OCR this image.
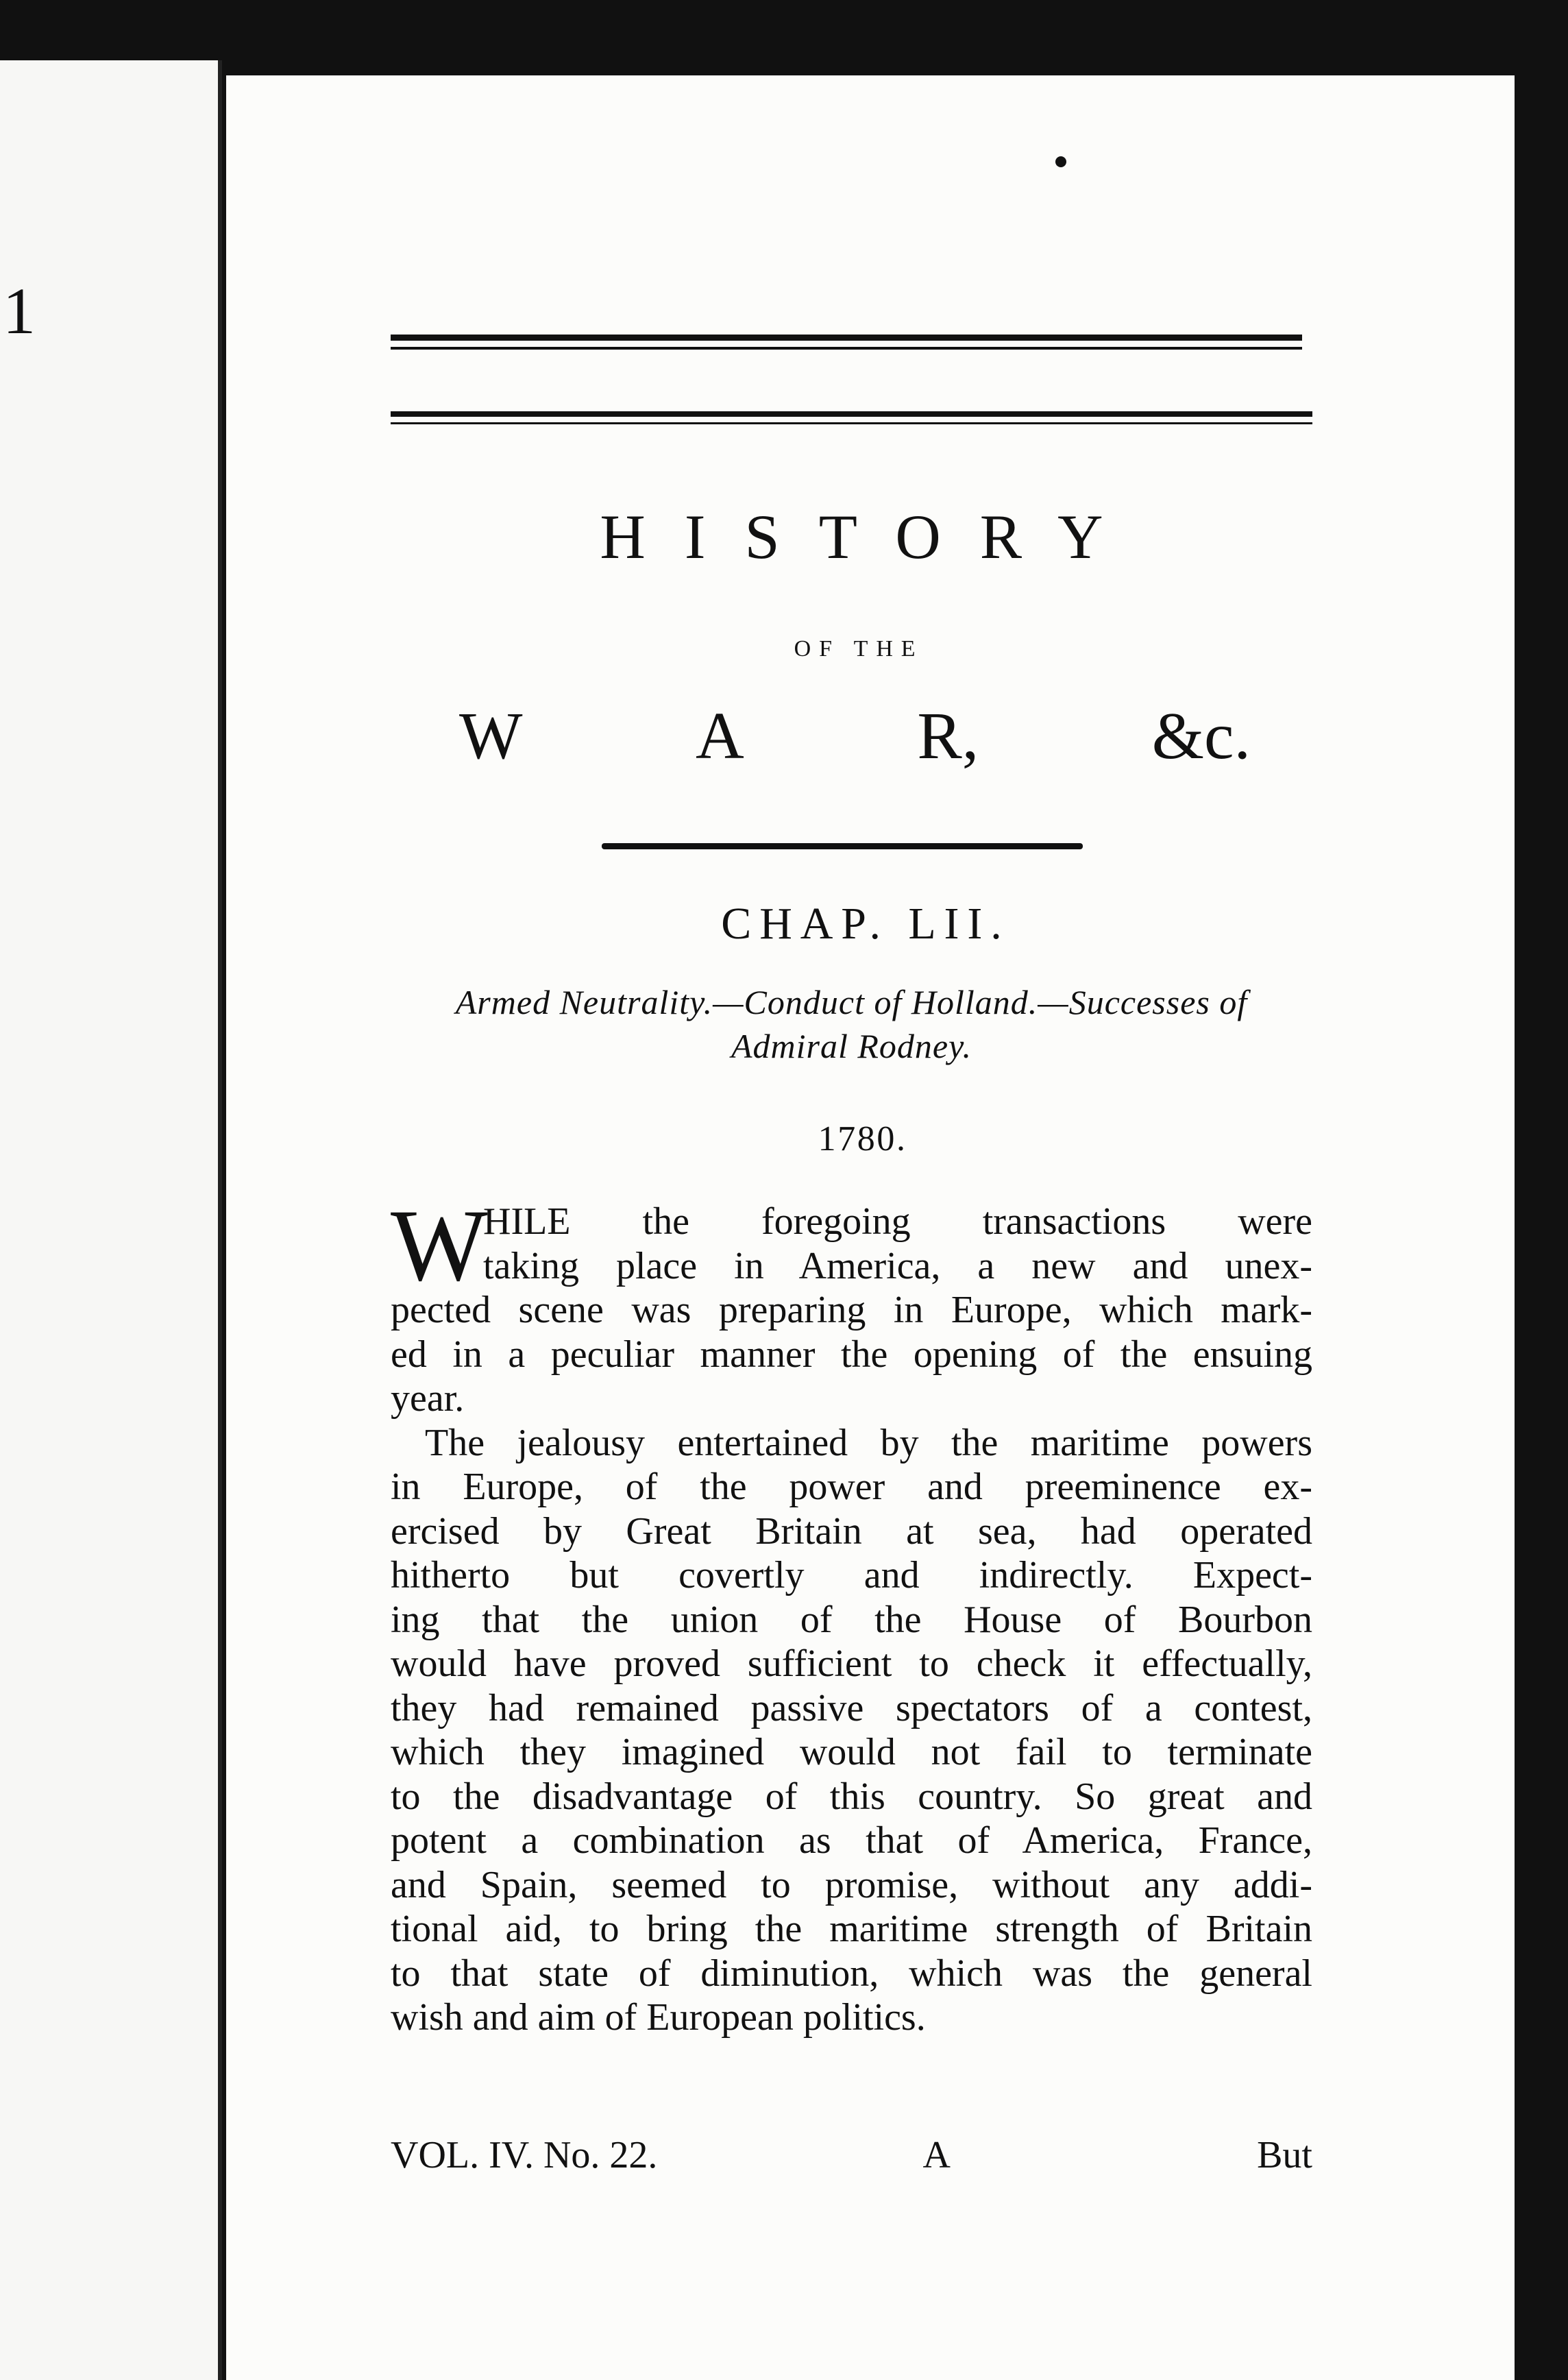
1
HISTORY
OF THE
W	A	R,	&c.
CHAP. LII.
Armed Neutrality.—Conduct of Holland.—Successes of
Admiral Rodney.
1780.
W
HILE the foregoing transactions were
taking place in America, a new and unex-
pected scene was preparing in Europe, which mark-
ed in a peculiar manner the opening of the ensuing
year.
The jealousy entertained by the maritime powers
in Europe, of the power and preeminence ex-
ercised by Great Britain at sea, had operated
hitherto but covertly and indirectly. Expect-
ing that the union of the House of Bourbon
would have proved sufficient to check it effectually,
they had remained passive spectators of a contest,
which they imagined would not fail to terminate
to the disadvantage of this country. So great and
potent a combination as that of America, France,
and Spain, seemed to promise, without any addi-
tional aid, to bring the maritime strength of Britain
to that state of diminution, which was the general
wish and aim of European politics.
VOL. IV. No. 22.	A	But
